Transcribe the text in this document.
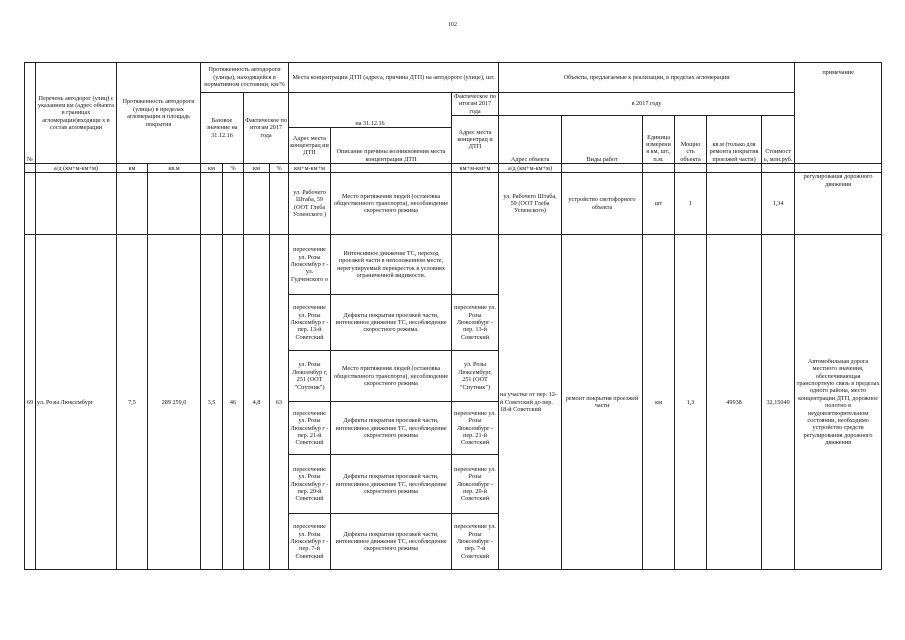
102
№	Перечень автодорог (улиц) с указанием км (адрес объекта в границах агломерации)входящи х в состав агломерации	Протяженность автодороги (улицы) в пределах агломерации и площадь покрытия		Протяженность автодороги (улицы), находящейся в нормативном состоянии, км/%				Места концентрации ДТП (адреса, причина ДТП) на автодороге (улице), шт.			Объекты, предлагаемые к реализации, в пределах агломерации						примечание
				Базовое значение на 31.12.16		Фактическое по итогам 2017 года		на 31.12.16		Фактическое по итогам 2017 года	в 2017 году						
										Адрес места концентрац и ДТП	Адрес объекта	Виды работ	Единица измерени я км, шт., п.м.	Мощно сть объекта	кв.м (только для ремонта покрытия проезжей части)	Стоимост ь, млн.руб.	
								Адрес места концентрац ии ДТП	Описание причины возникновения места концентрации ДТП								
	а/д (км+м-км+м)	км	кв.м	км	%	км	%	км+м-км+м		км+м-км+м	а/д (км+м-км+м)						
								ул. Рабочего Штаба, 59 (ООТ Глеба Успенского )	Место притяжения людей (остановка общественного транспорта), несоблюдение скоростного режима		ул. Рабочего Штаба, 59 (ООТ Глеба Успенского)	устройство светофорного объекта	шт	1		1,34	регулирования дорожного движения
69	ул. Розы Люксембург	7,5	289 259,0	3,5	46	4,8	63	пересечение ул. Розы Люксембур г - ул. Гудченского о	Интенсивное движение ТС, переход проезжей части в неположенном месте, нерегулируемый перекресток в условиях ограниченной видимости.		на участке от пер. 12-й Советский до пер. 18-й Советский	ремонт покрытия проезжей части	км	1,3	49938	32,15049	Автомобильная дорога местного значения, обеспечивающая транспортную связь в пределах одного района, место концентрации ДТП, дорожное полотно в неудовлетворительном состоянии, необходимо устройство средств регулирования дорожного движения
								пересечение ул. Розы Люксембур г - пер. 13-й Советский	Дефекты покрытия проезжей части, интенсивное движение ТС, несоблюдение скоростного режима.	пересечение ул. Розы Люксембург - пер. 13-й Советский							
								ул. Розы Люксембур г, 251 (ООТ "Спутник")	Место притяжения людей (остановка общественного транспорта), несоблюдение скоростного режима	ул. Розы Люксембург, 251 (ООТ "Спутник")							
								пересечение ул. Розы Люксембур г - пер. 21-й Советский	Дефекты покрытия проезжей части, интенсивное движение ТС, несоблюдение скоростного режима	пересечение ул. Розы Люксембург - пер. 21-й Советский							
								пересечение ул. Розы Люксембур г - пер. 20-й Советский	Дефекты покрытия проезжей части, интенсивное движение ТС, несоблюдение скоростного режима	пересечение ул. Розы Люксембург - пер. 20-й Советский							
								пересечение ул. Розы Люксембур г - пер. 7-й Советский	Дефекты покрытия проезжей части, интенсивное движение ТС, несоблюдение скоростного режима	пересечение ул. Розы Люксембург - пер. 7-й Советский							
